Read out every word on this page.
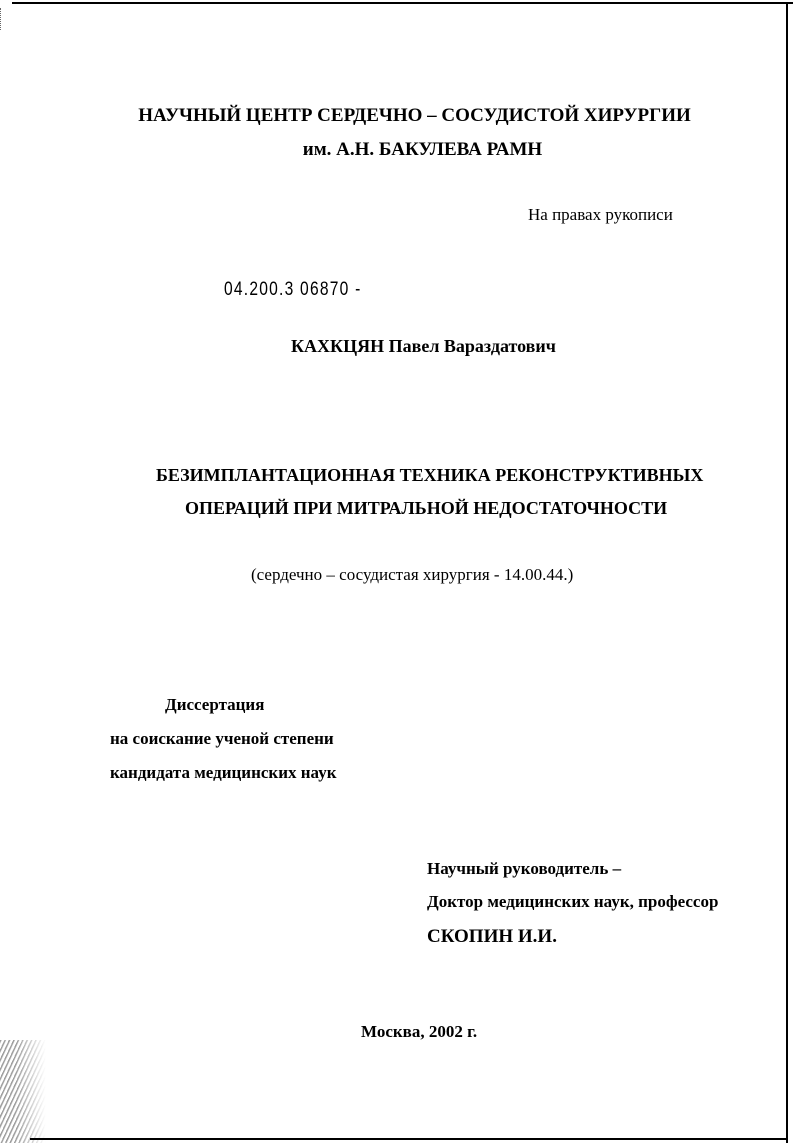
НАУЧНЫЙ ЦЕНТР СЕРДЕЧНО – СОСУДИСТОЙ ХИРУРГИИ
им. А.Н. БАКУЛЕВА РАМН
На правах рукописи
04.200.3 06870 -
КАХКЦЯН Павел Вараздатович
БЕЗИМПЛАНТАЦИОННАЯ ТЕХНИКА РЕКОНСТРУКТИВНЫХ
ОПЕРАЦИЙ ПРИ МИТРАЛЬНОЙ НЕДОСТАТОЧНОСТИ
(сердечно – сосудистая хирургия - 14.00.44.)
Диссертация
на соискание ученой степени
кандидата медицинских наук
Научный руководитель –
Доктор медицинских наук, профессор
СКОПИН И.И.
Москва, 2002 г.
